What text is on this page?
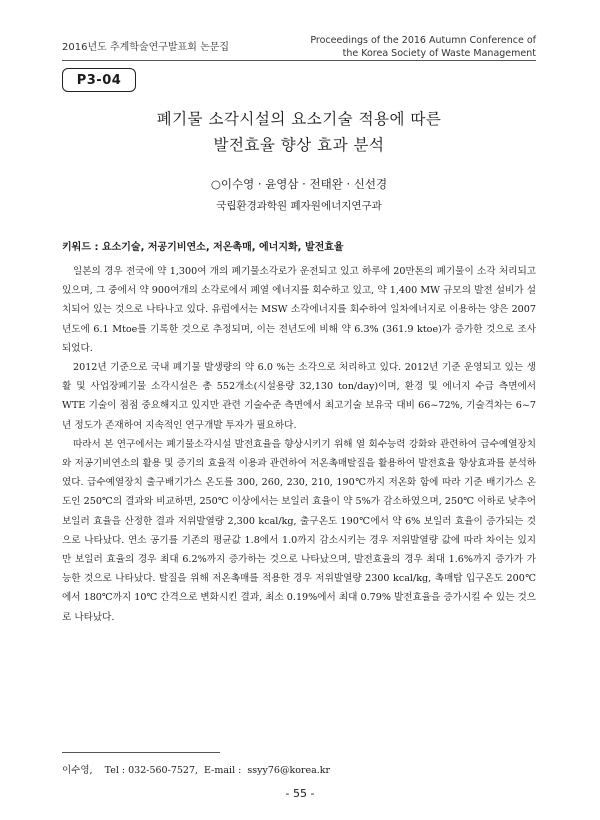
2016년도 추계학술연구발표회 논문집
Proceedings of the 2016 Autumn Conference of
the Korea Society of Waste Management
P3-04
폐기물 소각시설의 요소기술 적용에 따른
발전효율 향상 효과 분석
○이수영 · 윤영삼 · 전태완 · 신선경
국립환경과학원 폐자원에너지연구과
키워드 : 요소기술, 저공기비연소, 저온촉매, 에너지화, 발전효율

일본의 경우 전국에 약 1,300여 개의 폐기물소각로가 운전되고 있고 하루에 20만톤의 폐기물이 소각 처리되고 있으며, 그 중에서 약 900여개의 소각로에서 폐열 에너지를 회수하고 있고, 약 1,400 MW 규모의 발전 설비가 설치되어 있는 것으로 나타나고 있다. 유럽에서는 MSW 소각에너지를 회수하여 일차에너지로 이용하는 양은 2007년도에 6.1 Mtoe를 기록한 것으로 추정되며, 이는 전년도에 비해 약 6.3% (361.9 ktoe)가 증가한 것으로 조사되었다.

2012년 기준으로 국내 폐기물 발생량의 약 6.0 %는 소각으로 처리하고 있다. 2012년 기준 운영되고 있는 생활 및 사업장폐기물 소각시설은 총 552개소(시설용량 32,130 ton/day)이며, 환경 및 에너지 수급 측면에서 WTE 기술이 점점 중요해지고 있지만 관련 기술수준 측면에서 최고기술 보유국 대비 66~72%, 기술격차는 6~7년 정도가 존재하여 지속적인 연구개발 투자가 필요하다.

따라서 본 연구에서는 폐기물소각시설 발전효율을 향상시키기 위해 열 회수능력 강화와 관련하여 급수예열장치와 저공기비연소의 활용 및 증기의 효율적 이용과 관련하여 저온촉매탈질을 활용하여 발전효율 향상효과를 분석하였다. 급수예열장치 출구배기가스 온도를 300, 260, 230, 210, 190℃까지 저온화 함에 따라 기준 배기가스 온도인 250℃의 결과와 비교하면, 250℃ 이상에서는 보일러 효율이 약 5%가 감소하였으며, 250℃ 이하로 낮추어 보일러 효율을 산정한 결과 저위발열량 2,300 kcal/kg, 출구온도 190℃에서 약 6% 보일러 효율이 증가되는 것으로 나타났다. 연소 공기를 기존의 평균값 1.8에서 1.0까지 감소시키는 경우 저위발열량 값에 따라 차이는 있지만 보일러 효율의 경우 최대 6.2%까지 증가하는 것으로 나타났으며, 발전효율의 경우 최대 1.6%까지 증가가 가능한 것으로 나타났다. 탈질을 위해 저온촉매를 적용한 경우 저위발열량 2300 kcal/kg, 촉매탑 입구온도 200℃에서 180℃까지 10℃ 간격으로 변화시킨 결과, 최소 0.19%에서 최대 0.79% 발전효율을 증가시킬 수 있는 것으로 나타났다.

이수영,    Tel : 032-560-7527,  E-mail :  ssyy76@korea.kr
- 55 -
